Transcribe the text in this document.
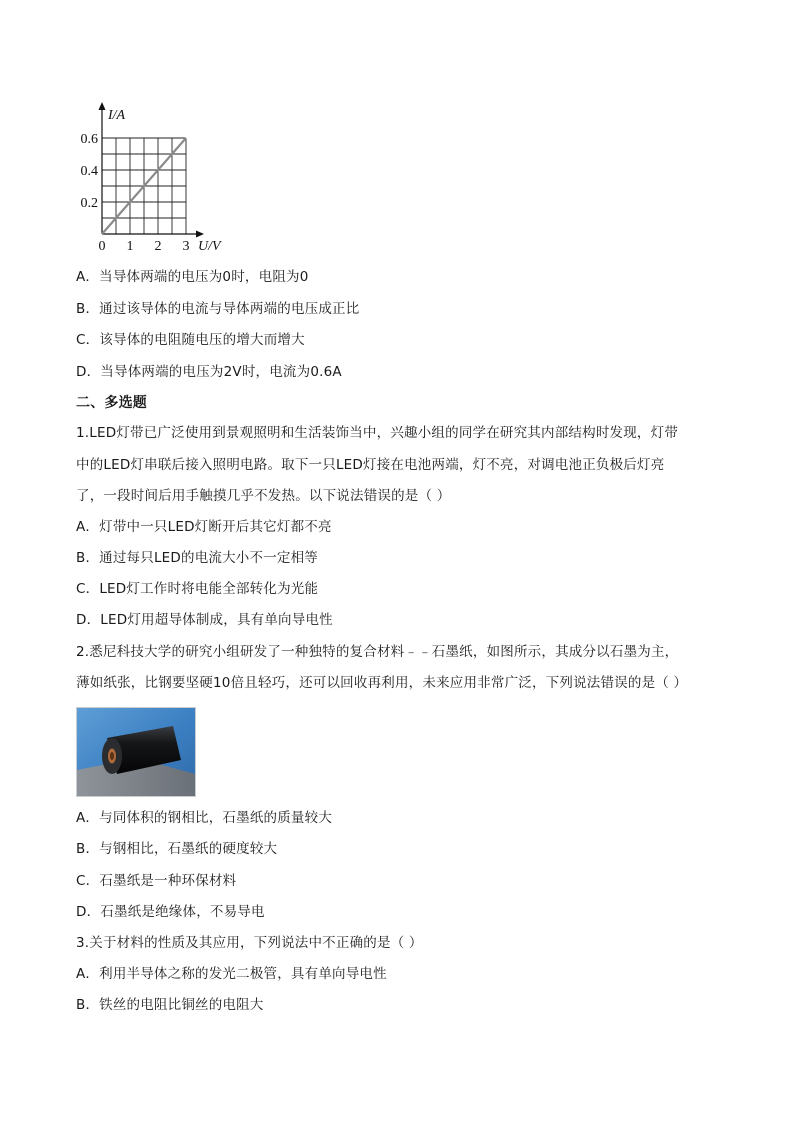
0 1 2 3
0.2
0.4
0.6
I/A
U/V
A．当导体两端的电压为0时，电阻为0
B．通过该导体的电流与导体两端的电压成正比
C．该导体的电阻随电压的增大而增大
D．当导体两端的电压为2V时，电流为0.6A
二、多选题
1.LED灯带已广泛使用到景观照明和生活装饰当中，兴趣小组的同学在研究其内部结构时发现，灯带
中的LED灯串联后接入照明电路。取下一只LED灯接在电池两端，灯不亮，对调电池正负极后灯亮
了，一段时间后用手触摸几乎不发热。以下说法错误的是（ ）
A．灯带中一只LED灯断开后其它灯都不亮
B．通过每只LED的电流大小不一定相等
C．LED灯工作时将电能全部转化为光能
D．LED灯用超导体制成，具有单向导电性
2.悉尼科技大学的研究小组研发了一种独特的复合材料﹣﹣石墨纸，如图所示，其成分以石墨为主，
薄如纸张，比钢要坚硬10倍且轻巧，还可以回收再利用，未来应用非常广泛，下列说法错误的是（ ）
A．与同体积的钢相比，石墨纸的质量较大
B．与钢相比，石墨纸的硬度较大
C．石墨纸是一种环保材料
D．石墨纸是绝缘体，不易导电
3.关于材料的性质及其应用，下列说法中不正确的是（ ）
A．利用半导体之称的发光二极管，具有单向导电性
B．铁丝的电阻比铜丝的电阻大
